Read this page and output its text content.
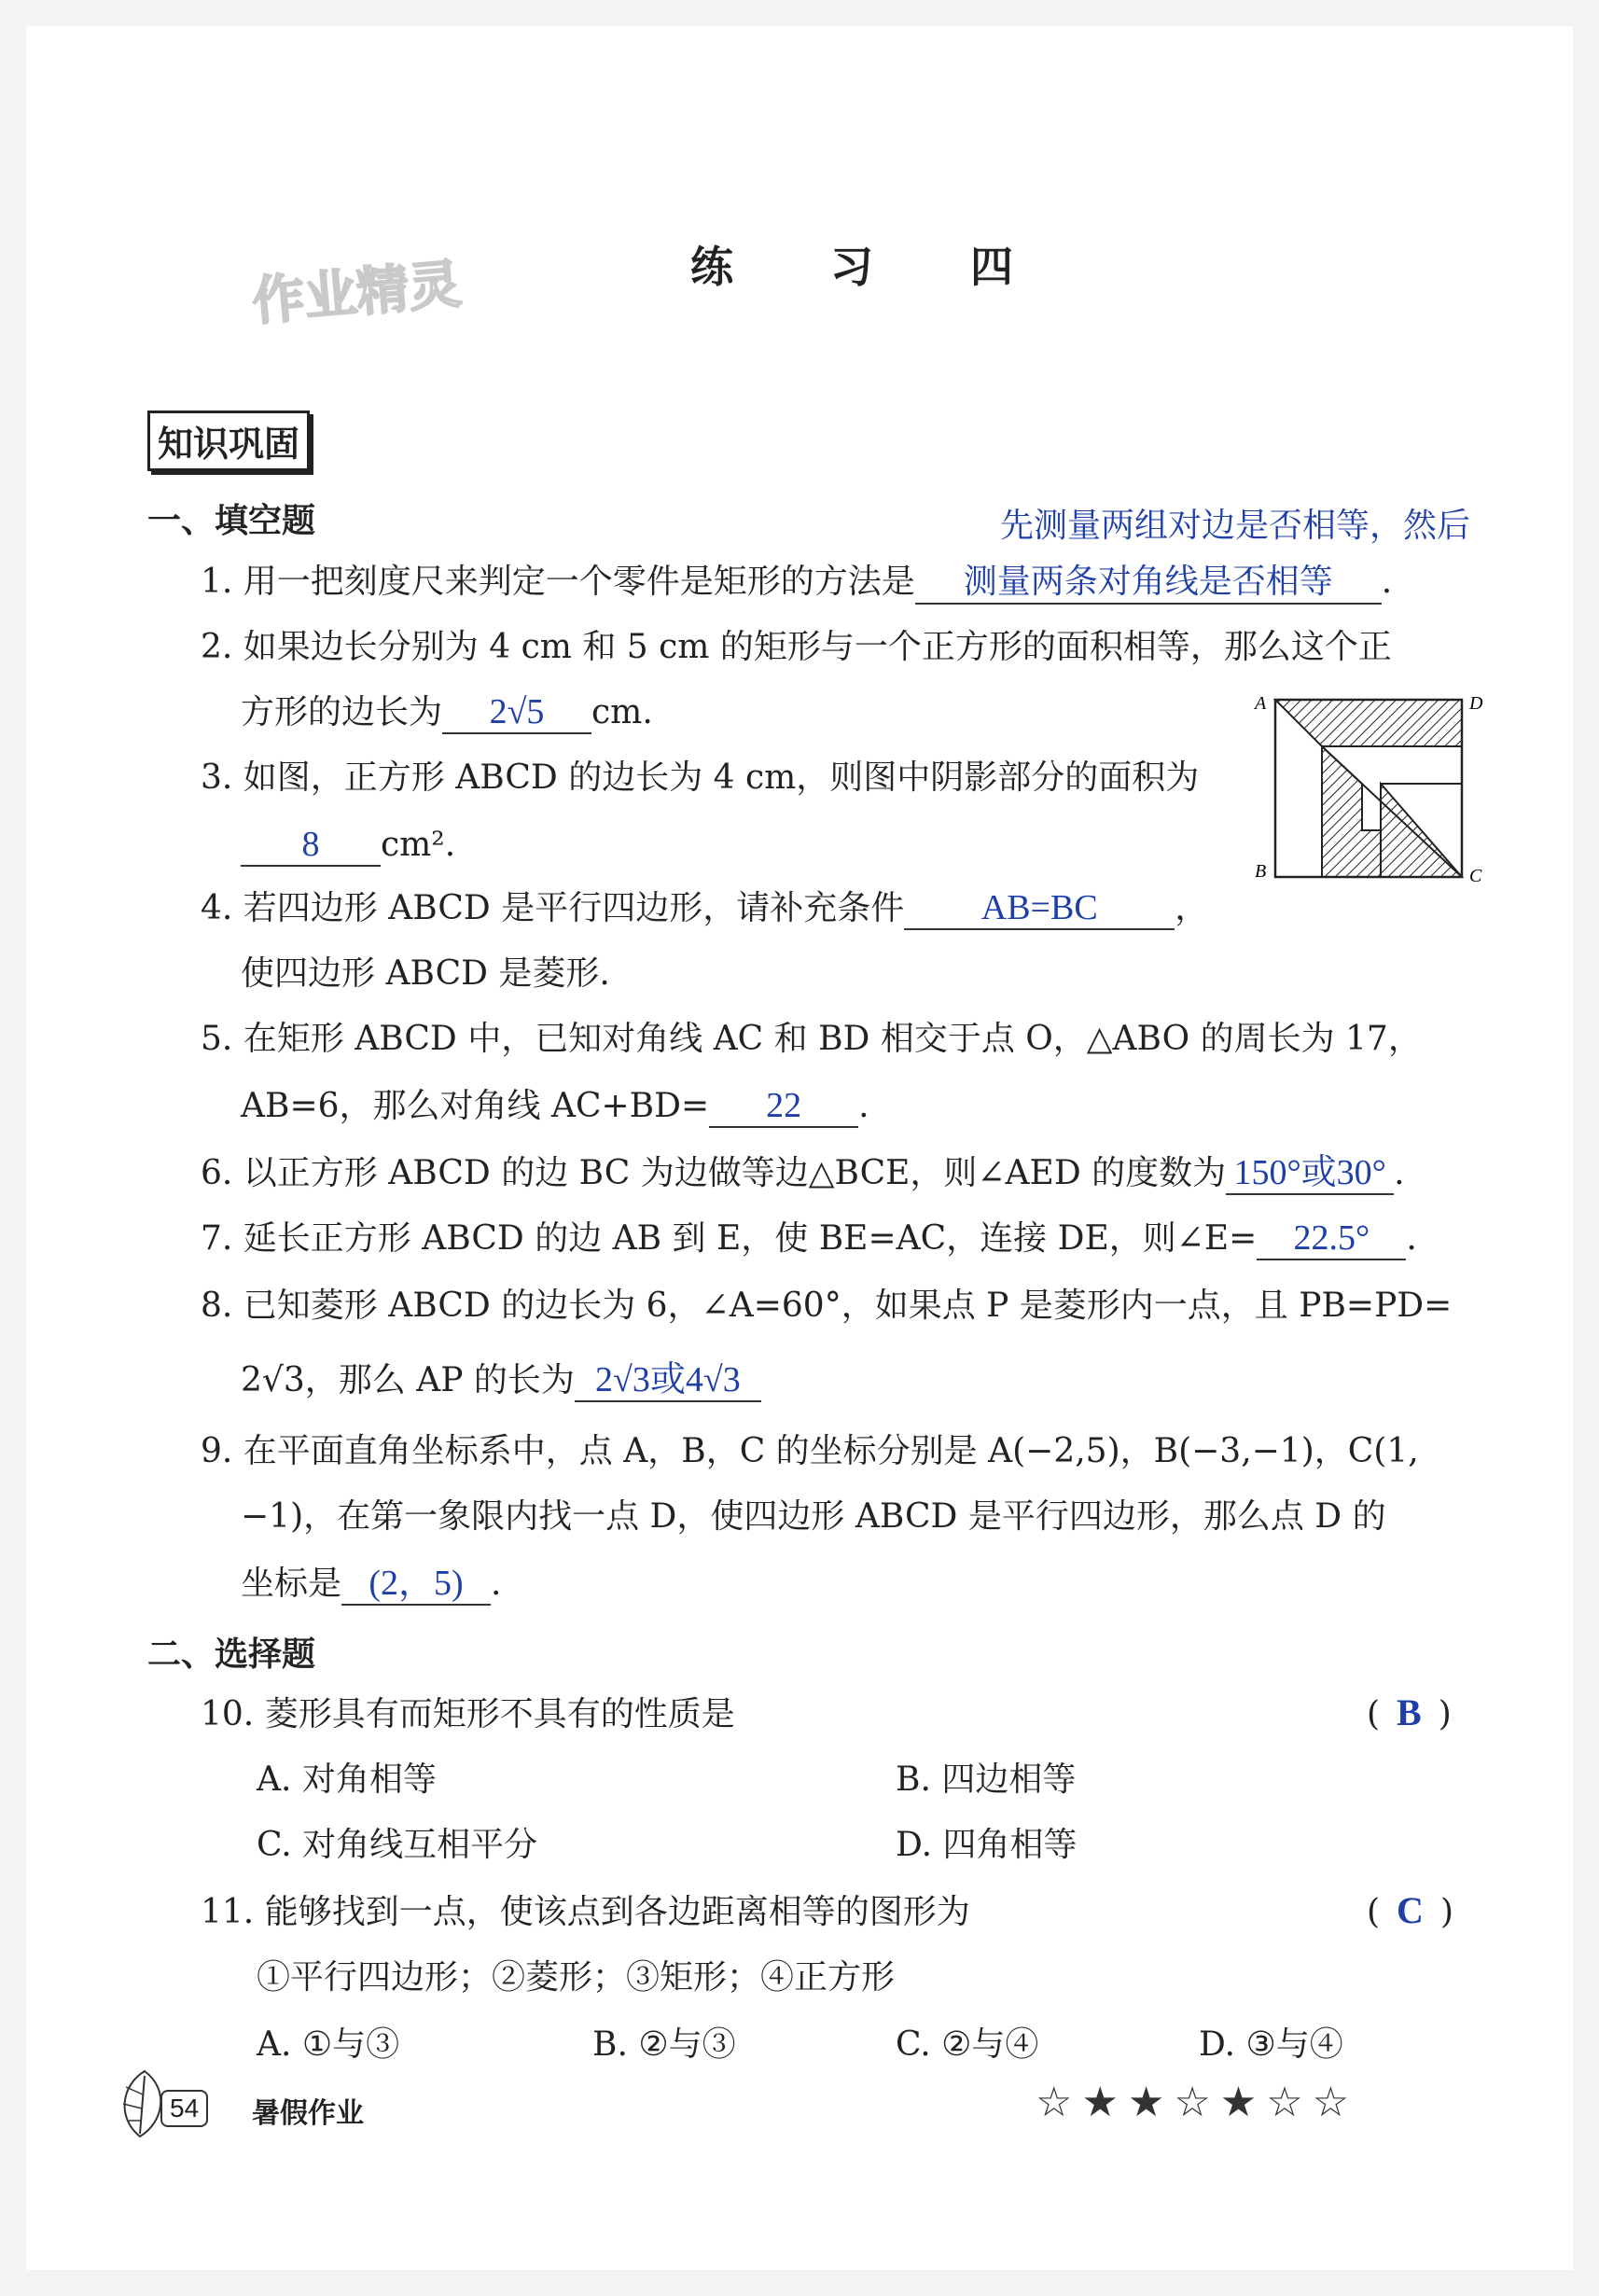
作业精灵	练 习 四
知识巩固
一、填空题	先测量两组对边是否相等，然后
1. 用一把刻度尺来判定一个零件是矩形的方法是 测量两条对角线是否相等 .
2. 如果边长分别为 4 cm 和 5 cm 的矩形与一个正方形的面积相等，那么这个正
方形的边长为 2√5 cm.
3. 如图，正方形 ABCD 的边长为 4 cm，则图中阴影部分的面积为
8 cm².
A	D
B	C
4. 若四边形 ABCD 是平行四边形，请补充条件 AB=BC ，
使四边形 ABCD 是菱形.
5. 在矩形 ABCD 中，已知对角线 AC 和 BD 相交于点 O，△ABO 的周长为 17，
AB=6，那么对角线 AC+BD= 22 .
6. 以正方形 ABCD 的边 BC 为边做等边△BCE，则∠AED 的度数为 150°或30° .
7. 延长正方形 ABCD 的边 AB 到 E，使 BE=AC，连接 DE，则∠E= 22.5° .
8. 已知菱形 ABCD 的边长为 6，∠A=60°，如果点 P 是菱形内一点，且 PB=PD=
2√3，那么 AP 的长为 2√3或4√3
9. 在平面直角坐标系中，点 A，B，C 的坐标分别是 A(−2,5)，B(−3,−1)，C(1,
−1)，在第一象限内找一点 D，使四边形 ABCD 是平行四边形，那么点 D 的
坐标是 (2，5) .
二、选择题
10. 菱形具有而矩形不具有的性质是	( B )
A. 对角相等	B. 四边相等
C. 对角线互相平分	D. 四角相等
11. 能够找到一点，使该点到各边距离相等的图形为	( C )
①平行四边形；②菱形；③矩形；④正方形
A. ①与③	B. ②与③	C. ②与④	D. ③与④
54	暑假作业	☆★★☆★☆☆
